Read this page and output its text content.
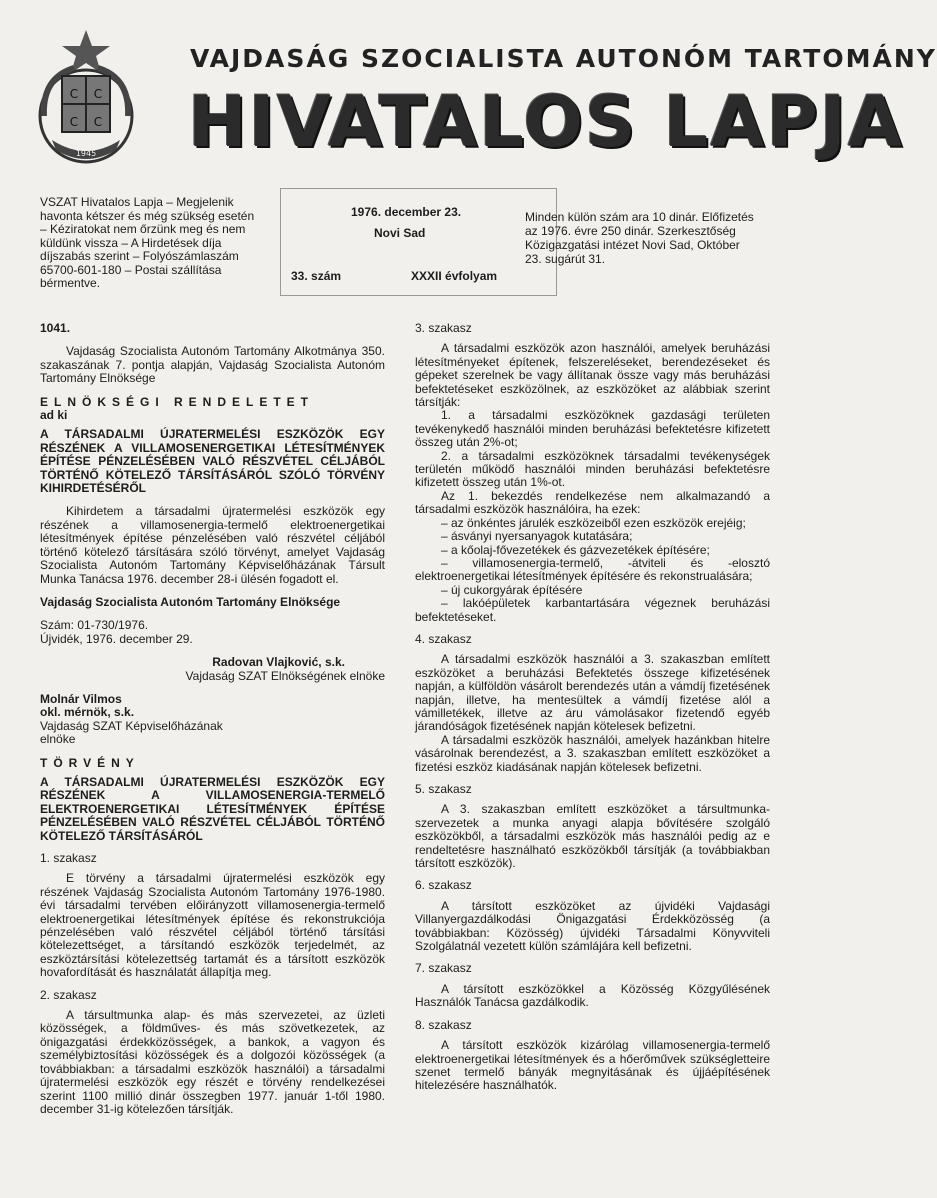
C C
C C
1945
VAJDASÁG SZOCIALISTA AUTONÓM TARTOMÁNY
HIVATALOS LAPJA
VSZAT Hivatalos Lapja – Megjelenik havonta kétszer és még szükség esetén – Kéziratokat nem őrzünk meg és nem küldünk vissza – A Hirdetések díja díjszabás szerint – Folyószámlaszám 65700-601-180 – Postai szállítása bérmentve.
1976. december 23.
Novi Sad
33. szám	XXXII évfolyam
Minden külön szám ara 10 dinár. Előfizetés az 1976. évre 250 dinár. Szerkesztőség Közigazgatási intézet Novi Sad, Október 23. sugárút 31.

1041.

Vajdaság Szocialista Autonóm Tartomány Alkotmánya 350. szakaszának 7. pontja alapján, Vajdaság Szocialista Autonóm Tartomány Elnöksége

ELNÖKSÉGI RENDELETET

ad ki

A TÁRSADALMI ÚJRATERMELÉSI ESZKÖZÖK EGY RÉSZÉNEK A VILLAMOSENERGETIKAI LÉTESÍTMÉNYEK ÉPÍTÉSE PÉNZELÉSÉBEN VALÓ RÉSZVÉTEL CÉLJÁBÓL TÖRTÉNŐ KÖTELEZŐ TÁRSÍTÁSÁRÓL SZÓLÓ TÖRVÉNY KIHIRDETÉSÉRŐL

Kihirdetem a társadalmi újratermelési eszközök egy részének a villamosenergia-termelő elektroenergetikai létesítmények építése pénzelésében való részvétel céljából történő kötelező társítására szóló törvényt, amelyet Vajdaság Szocialista Autonóm Tartomány Képviselőházának Társult Munka Tanácsa 1976. december 28-i ülésén fogadott el.

Vajdaság Szocialista Autonóm Tartomány Elnöksége

Szám: 01-730/1976.

Újvidék, 1976. december 29.

Radovan Vlajković, s.k.

Vajdaság SZAT Elnökségének elnöke

Molnár Vilmos

okl. mérnök, s.k.

Vajdaság SZAT Képviselőházának

elnöke

TÖRVÉNY

A TÁRSADALMI ÚJRATERMELÉSI ESZKÖZÖK EGY RÉSZÉNEK A VILLAMOSENERGIA-TERMELŐ ELEKTROENERGETIKAI LÉTESÍTMÉNYEK ÉPÍTÉSE PÉNZELÉSÉBEN VALÓ RÉSZVÉTEL CÉLJÁBÓL TÖRTÉNŐ KÖTELEZŐ TÁRSÍTÁSÁRÓL

1. szakasz

E törvény a társadalmi újratermelési eszközök egy részének Vajdaság Szocialista Autonóm Tartomány 1976-1980. évi társadalmi tervében előirányzott villamosenergia-termelő elektroenergetikai létesítmények építése és rekonstrukciója pénzelésében való részvétel céljából történő társítási kötelezettséget, a társítandó eszközök terjedelmét, az eszköztársítási kötelezettség tartamát és a társított eszközök hovafordítását és használatát állapítja meg.

2. szakasz

A társultmunka alap- és más szervezetei, az üzleti közösségek, a földműves- és más szövetkezetek, az önigazgatási érdekközösségek, a bankok, a vagyon és személybiztosítási közösségek és a dolgozói közösségek (a továbbiakban: a társadalmi eszközök használói) a társadalmi újratermelési eszközök egy részét e törvény rendelkezései szerint 1100 millió dinár összegben 1977. január 1-től 1980. december 31-ig kötelezően társítják.

3. szakasz

A társadalmi eszközök azon használói, amelyek beruházási létesítményeket építenek, felszereléseket, berendezéseket és gépeket szerelnek be vagy állítanak össze vagy más beruházási befektetéseket eszközölnek, az eszközöket az alábbiak szerint társítják:

1. a társadalmi eszközöknek gazdasági területen tevékenykedő használói minden beruházási befektetésre kifizetett összeg után 2%-ot;

2. a társadalmi eszközöknek társadalmi tevékenységek területén működő használói minden beruházási befektetésre kifizetett összeg után 1%-ot.

Az 1. bekezdés rendelkezése nem alkalmazandó a társadalmi eszközök használóira, ha ezek:

– az önkéntes járulék eszközeiből ezen eszközök erejéig;

– ásványi nyersanyagok kutatására;

– a kőolaj-fővezetékek és gázvezetékek építésére;

– villamosenergia-termelő, -átviteli és -elosztó elektroenergetikai létesítmények építésére és rekonstrualására;

– új cukorgyárak építésére

– lakóépületek karbantartására végeznek beruházási befektetéseket.

4. szakasz

A társadalmi eszközök használói a 3. szakaszban említett eszközöket a beruházási Befektetés összege kifizetésének napján, a külföldön vásárolt berendezés után a vámdíj fizetésének napján, illetve, ha mentesültek a vámdíj fizetése alól a vámilletékek, illetve az áru vámolásakor fizetendő egyéb járandóságok fizetésének napján kötelesek befizetni.

A társadalmi eszközök használói, amelyek hazánkban hitelre vásárolnak berendezést, a 3. szakaszban említett eszközöket a fizetési eszköz kiadásának napján kötelesek befizetni.

5. szakasz

A 3. szakaszban említett eszközöket a társultmunka-szervezetek a munka anyagi alapja bővítésére szolgáló eszközökből, a társadalmi eszközök más használói pedig az e rendeltetésre használható eszközökből társítják (a továbbiakban társított eszközök).

6. szakasz

A társított eszközöket az újvidéki Vajdasági Villanyergazdálkodási Önigazgatási Érdekközösség (a továbbiakban: Közösség) újvidéki Társadalmi Könyvviteli Szolgálatnál vezetett külön számlájára kell befizetni.

7. szakasz

A társított eszközökkel a Közösség Közgyűlésének Használók Tanácsa gazdálkodik.

8. szakasz

A társított eszközök kizárólag villamosenergia-termelő elektroenergetikai létesítmények és a hőerőművek szükségletteire szenet termelő bányák megnyitásának és újjáépítésének hitelezésére használhatók.
